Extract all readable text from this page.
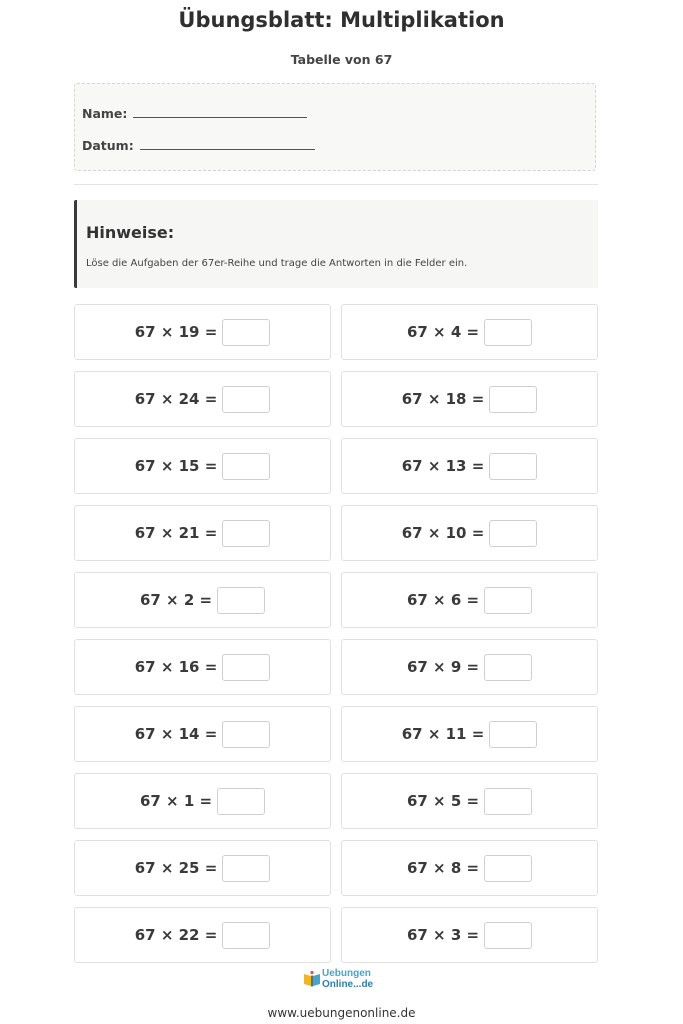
Übungsblatt: Multiplikation

Tabelle von 67

Name:
Datum:
Hinweise:

Löse die Aufgaben der 67er-Reihe und trage die Antworten in die Felder ein.

67 × 19 =	67 × 4 =
67 × 24 =	67 × 18 =
67 × 15 =	67 × 13 =
67 × 21 =	67 × 10 =
67 × 2 =	67 × 6 =
67 × 16 =	67 × 9 =
67 × 14 =	67 × 11 =
67 × 1 =	67 × 5 =
67 × 25 =	67 × 8 =
67 × 22 =	67 × 3 =
Uebungen
Online...de
www.uebungenonline.de
